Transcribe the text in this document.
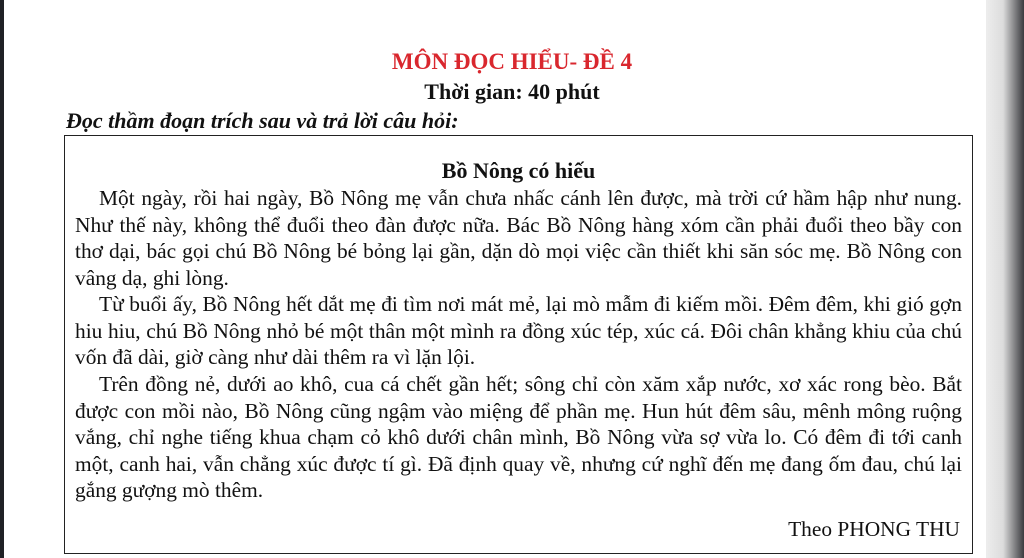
MÔN ĐỌC HIỂU- ĐỀ 4
Thời gian: 40 phút
Đọc thầm đoạn trích sau và trả lời câu hỏi:
Bồ Nông có hiếu

Một ngày, rồi hai ngày, Bồ Nông mẹ vẫn chưa nhấc cánh lên được, mà trời cứ hầm hập như nung. Như thế này, không thể đuổi theo đàn được nữa. Bác Bồ Nông hàng xóm cần phải đuổi theo bầy con thơ dại, bác gọi chú Bồ Nông bé bỏng lại gần, dặn dò mọi việc cần thiết khi săn sóc mẹ. Bồ Nông con vâng dạ, ghi lòng.

Từ buổi ấy, Bồ Nông hết dắt mẹ đi tìm nơi mát mẻ, lại mò mẫm đi kiếm mồi. Đêm đêm, khi gió gợn hiu hiu, chú Bồ Nông nhỏ bé một thân một mình ra đồng xúc tép, xúc cá. Đôi chân khẳng khiu của chú vốn đã dài, giờ càng như dài thêm ra vì lặn lội.

Trên đồng nẻ, dưới ao khô, cua cá chết gần hết; sông chỉ còn xăm xắp nước, xơ xác rong bèo. Bắt được con mồi nào, Bồ Nông cũng ngậm vào miệng để phần mẹ. Hun hút đêm sâu, mênh mông ruộng vắng, chỉ nghe tiếng khua chạm cỏ khô dưới chân mình, Bồ Nông vừa sợ vừa lo. Có đêm đi tới canh một, canh hai, vẫn chẳng xúc được tí gì. Đã định quay về, nhưng cứ nghĩ đến mẹ đang ốm đau, chú lại gắng gượng mò thêm.

Theo PHONG THU
